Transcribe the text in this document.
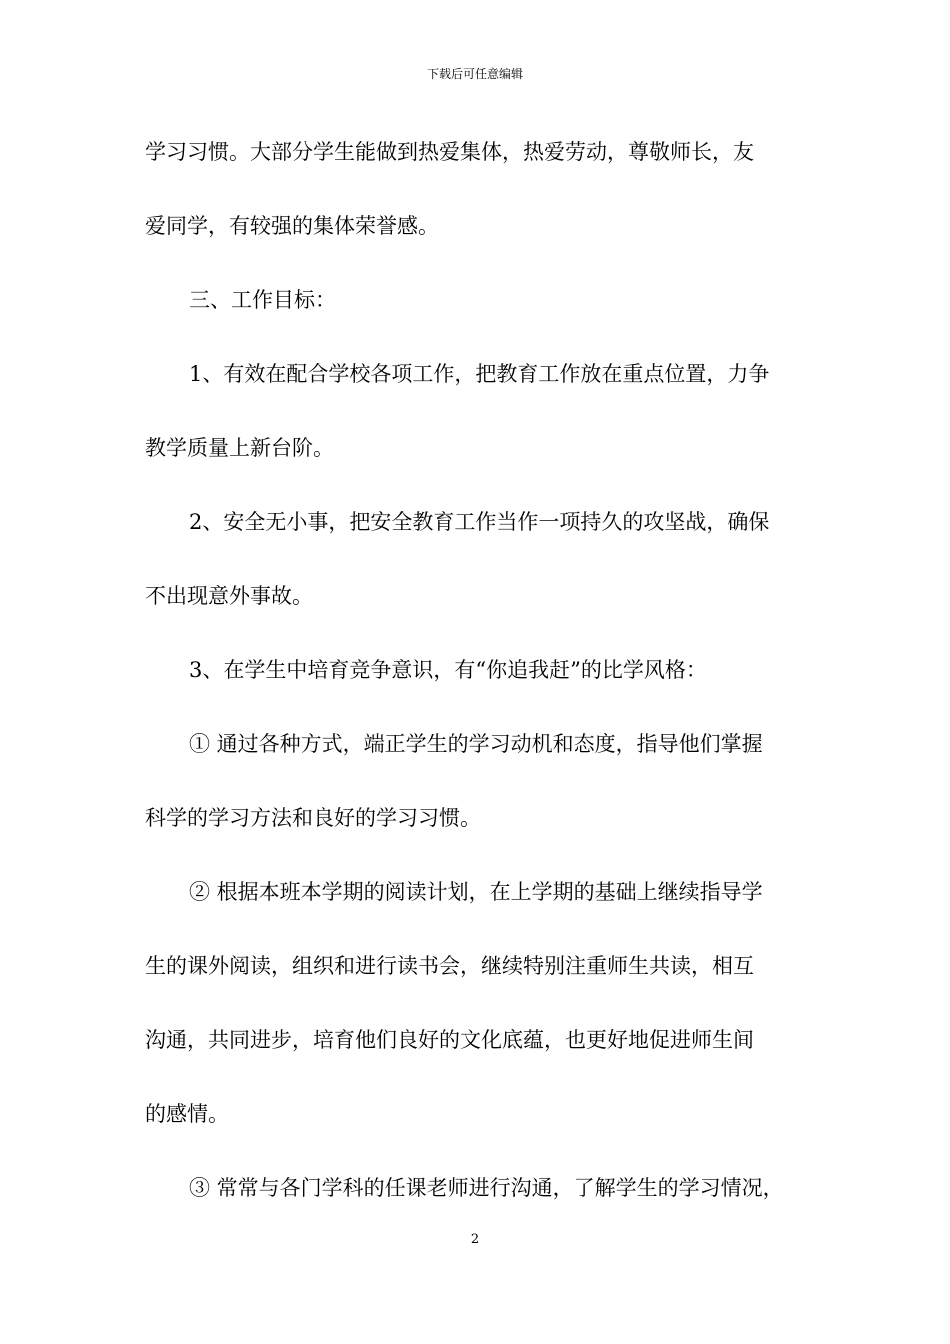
下载后可任意编辑
学习习惯。大部分学生能做到热爱集体，热爱劳动，尊敬师长，友
爱同学，有较强的集体荣誉感。
三、工作目标：
1、有效在配合学校各项工作，把教育工作放在重点位置，力争
教学质量上新台阶。
2、安全无小事，把安全教育工作当作一项持久的攻坚战，确保
不出现意外事故。
3、在学生中培育竞争意识，有“你追我赶”的比学风格：
① 通过各种方式，端正学生的学习动机和态度，指导他们掌握
科学的学习方法和良好的学习习惯。
② 根据本班本学期的阅读计划，在上学期的基础上继续指导学
生的课外阅读，组织和进行读书会，继续特别注重师生共读，相互
沟通，共同进步，培育他们良好的文化底蕴，也更好地促进师生间
的感情。
③ 常常与各门学科的任课老师进行沟通，了解学生的学习情况，
2
